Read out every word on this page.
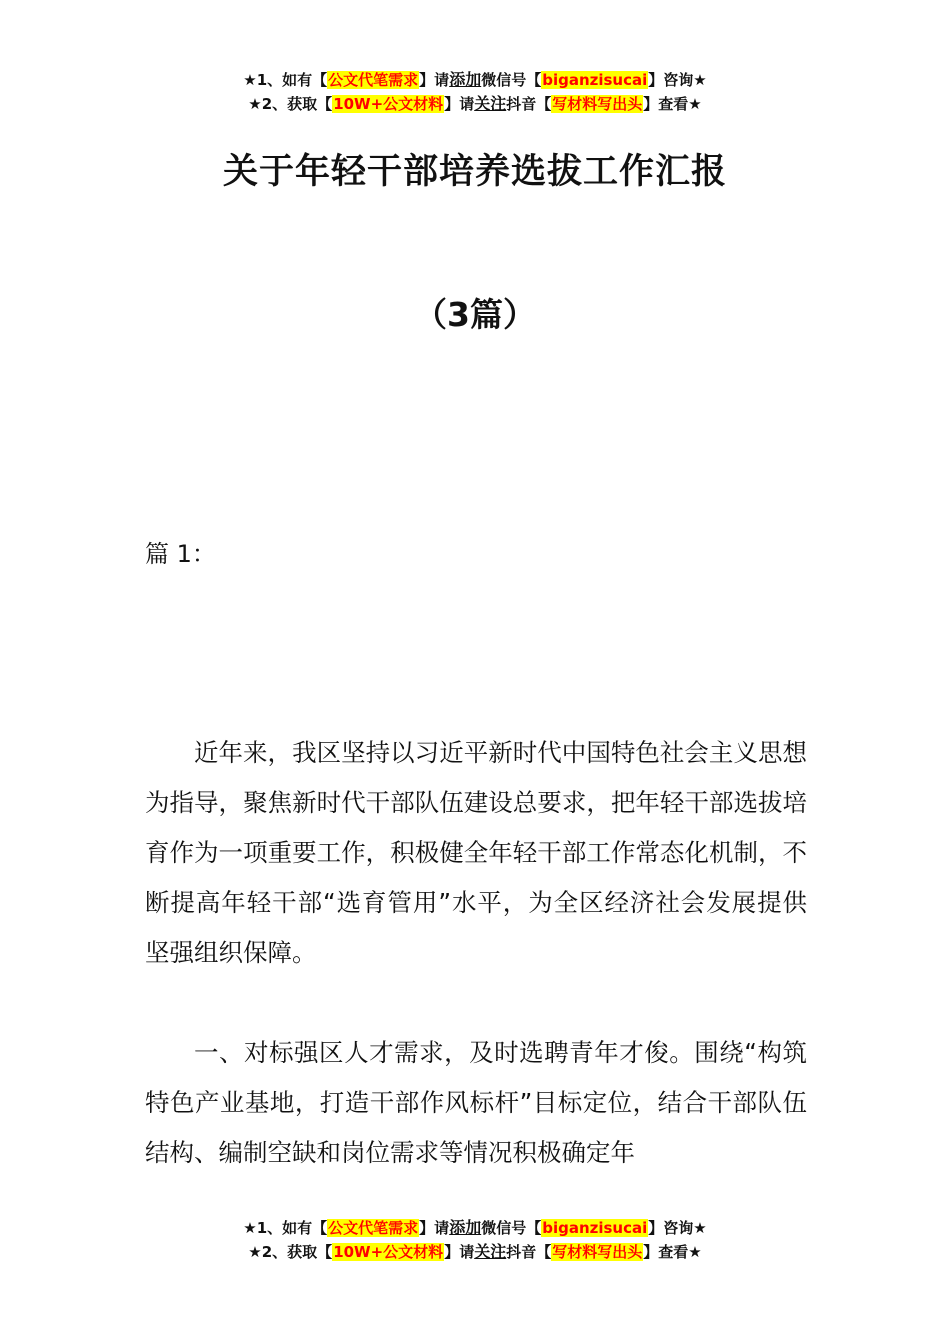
★1、如有【公文代笔需求】请添加微信号【biganzisucai】咨询★
★2、获取【10W+公文材料】请关注抖音【写材料写出头】查看★
关于年轻干部培养选拔工作汇报
（3篇）
篇 1：
近年来，我区坚持以习近平新时代中国特色社会主义思想为指导，聚焦新时代干部队伍建设总要求，把年轻干部选拔培育作为一项重要工作，积极健全年轻干部工作常态化机制，不断提高年轻干部“选育管用”水平，为全区经济社会发展提供坚强组织保障。
一、对标强区人才需求，及时选聘青年才俊。围绕“构筑特色产业基地，打造干部作风标杆”目标定位，结合干部队伍结构、编制空缺和岗位需求等情况积极确定年
★1、如有【公文代笔需求】请添加微信号【biganzisucai】咨询★
★2、获取【10W+公文材料】请关注抖音【写材料写出头】查看★
